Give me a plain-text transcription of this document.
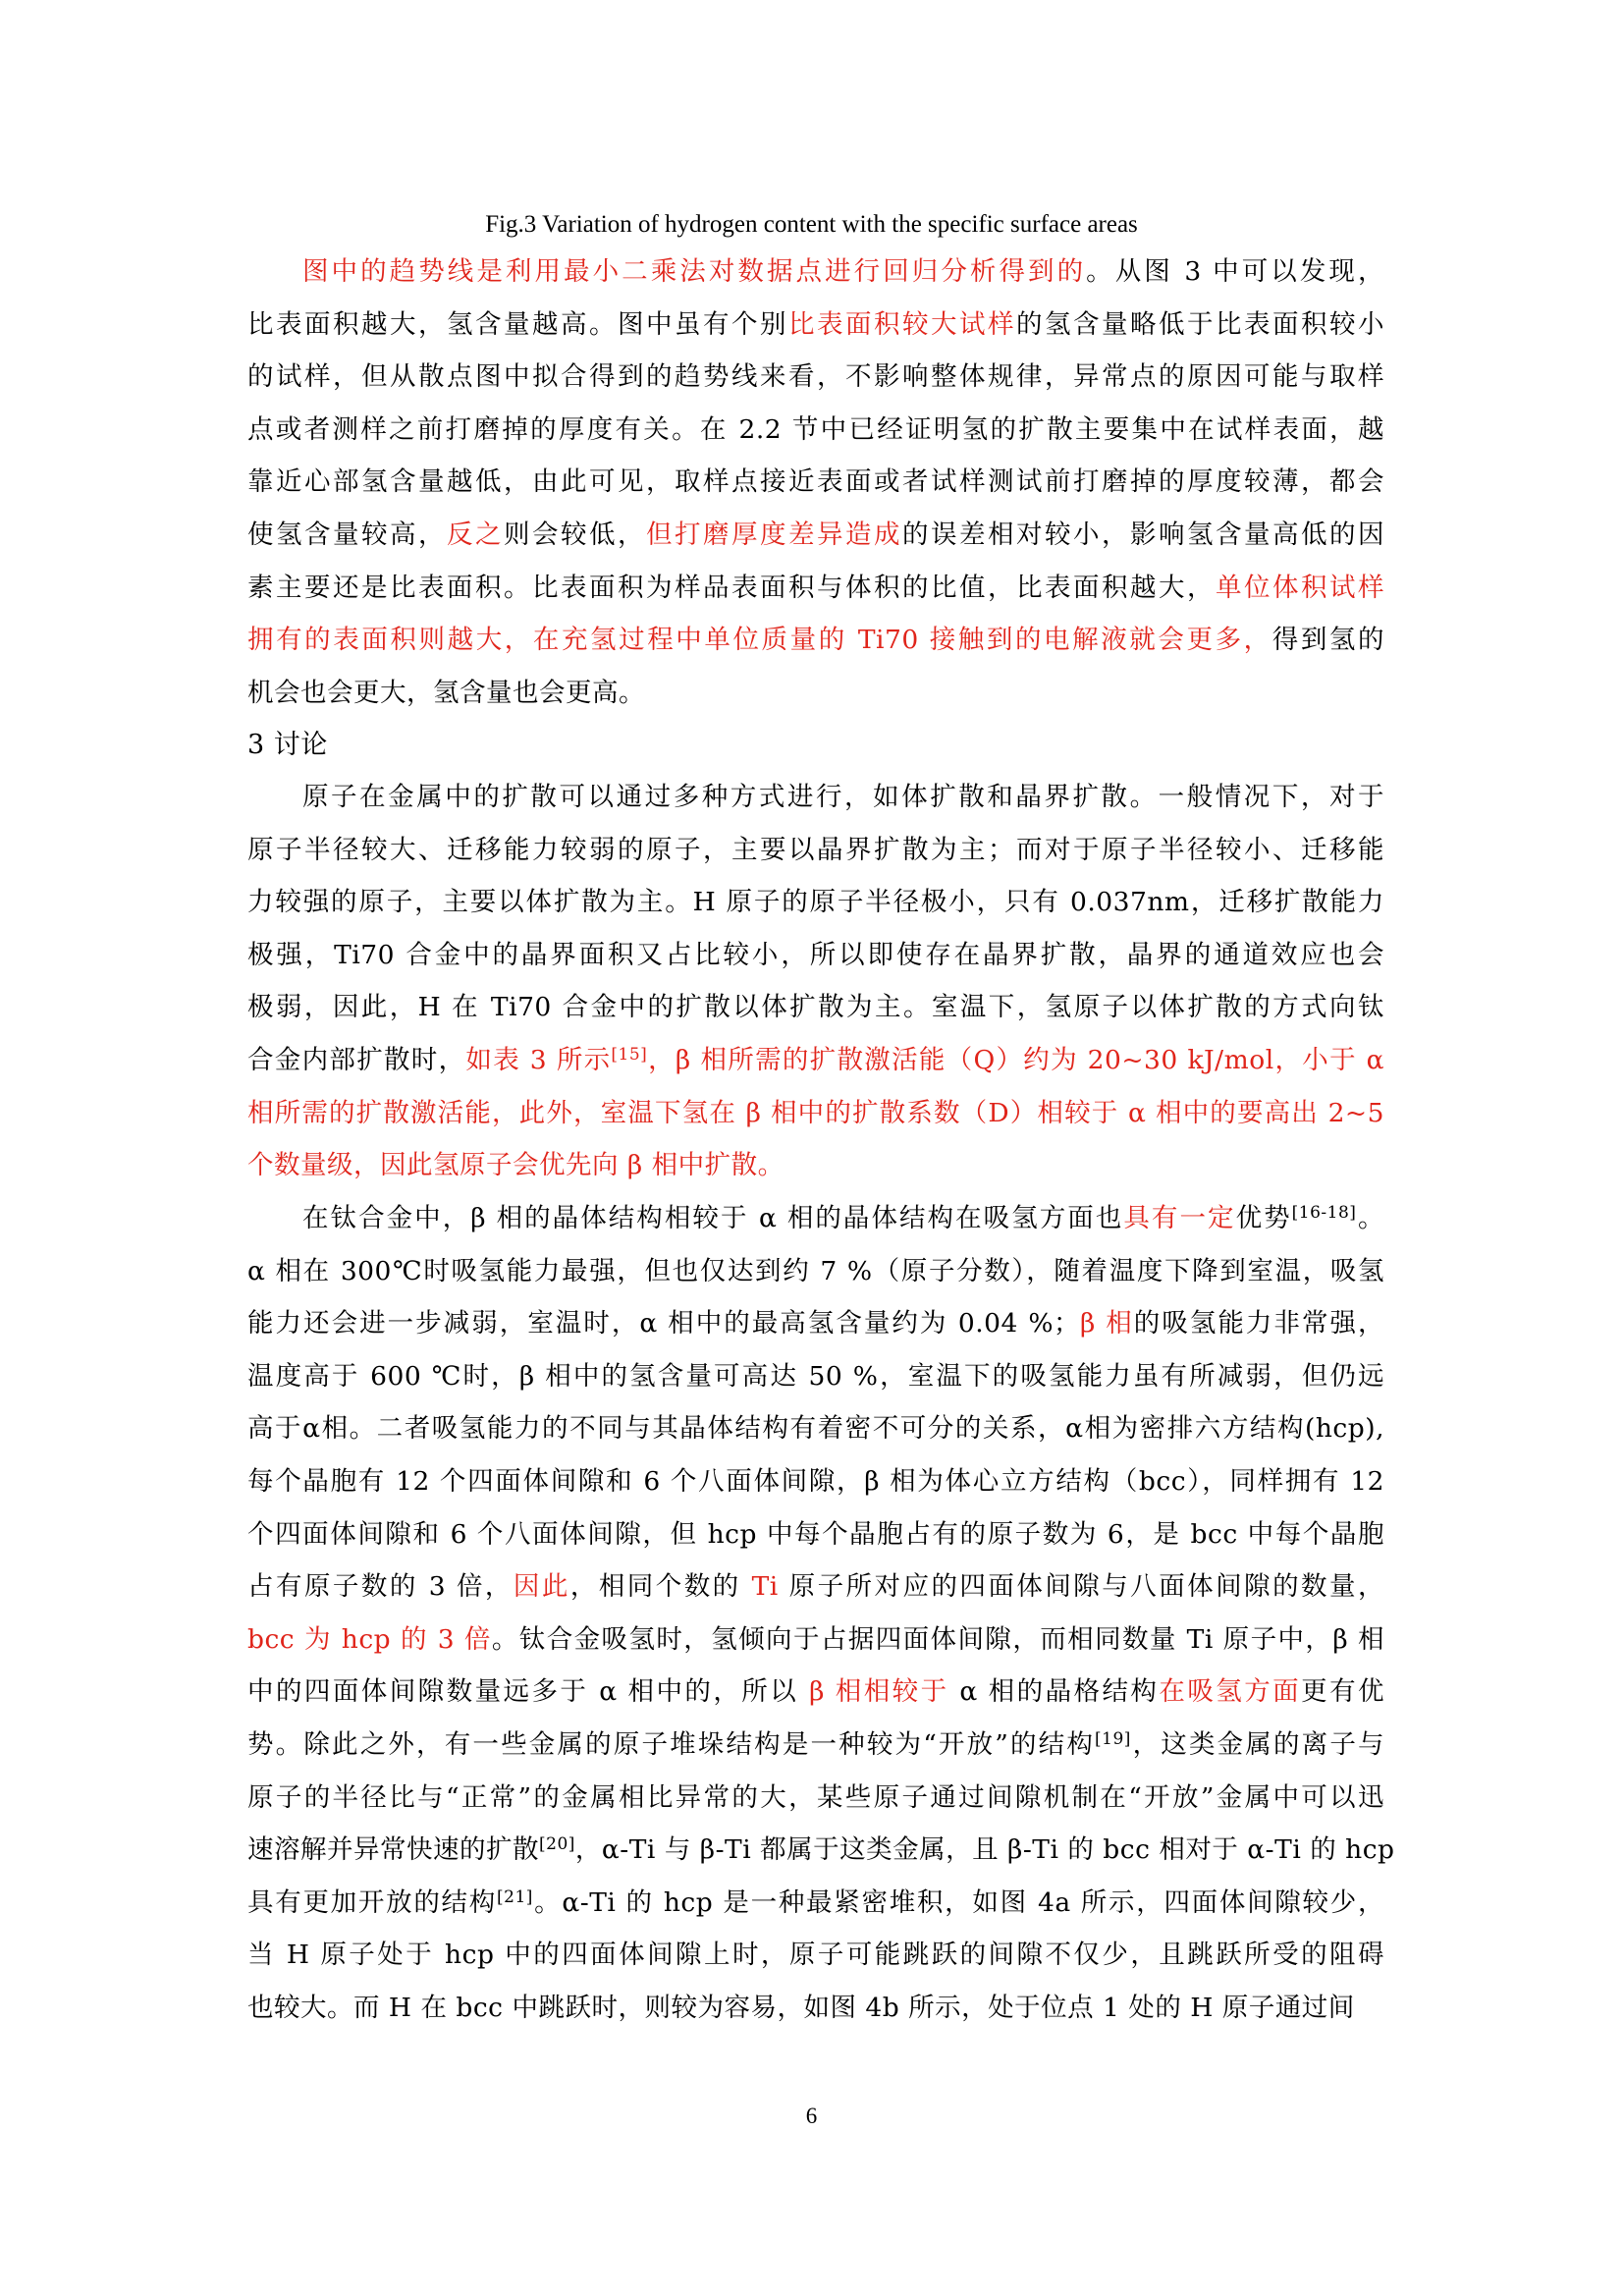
Fig.3 Variation of hydrogen content with the specific surface areas
图中的趋势线是利用最小二乘法对数据点进行回归分析得到的。从图 3 中可以发现，
比表面积越大，氢含量越高。图中虽有个别比表面积较大试样的氢含量略低于比表面积较小
的试样，但从散点图中拟合得到的趋势线来看，不影响整体规律，异常点的原因可能与取样
点或者测样之前打磨掉的厚度有关。在 2.2 节中已经证明氢的扩散主要集中在试样表面，越
靠近心部氢含量越低，由此可见，取样点接近表面或者试样测试前打磨掉的厚度较薄，都会
使氢含量较高，反之则会较低，但打磨厚度差异造成的误差相对较小，影响氢含量高低的因
素主要还是比表面积。比表面积为样品表面积与体积的比值，比表面积越大，单位体积试样
拥有的表面积则越大，在充氢过程中单位质量的 Ti70 接触到的电解液就会更多，得到氢的
机会也会更大，氢含量也会更高。
3 讨论
原子在金属中的扩散可以通过多种方式进行，如体扩散和晶界扩散。一般情况下，对于
原子半径较大、迁移能力较弱的原子，主要以晶界扩散为主；而对于原子半径较小、迁移能
力较强的原子，主要以体扩散为主。H 原子的原子半径极小，只有 0.037nm，迁移扩散能力
极强，Ti70 合金中的晶界面积又占比较小，所以即使存在晶界扩散，晶界的通道效应也会
极弱，因此，H 在 Ti70 合金中的扩散以体扩散为主。室温下，氢原子以体扩散的方式向钛
合金内部扩散时，如表 3 所示[15]，β 相所需的扩散激活能（Q）约为 20~30 kJ/mol，小于 α
相所需的扩散激活能，此外，室温下氢在 β 相中的扩散系数（D）相较于 α 相中的要高出 2~5
个数量级，因此氢原子会优先向 β 相中扩散。
在钛合金中，β 相的晶体结构相较于 α 相的晶体结构在吸氢方面也具有一定优势[16-18]。
α 相在 300℃时吸氢能力最强，但也仅达到约 7 %（原子分数），随着温度下降到室温，吸氢
能力还会进一步减弱，室温时，α 相中的最高氢含量约为 0.04 %；β 相的吸氢能力非常强，
温度高于 600 ℃时，β 相中的氢含量可高达 50 %，室温下的吸氢能力虽有所减弱，但仍远
高于α相。二者吸氢能力的不同与其晶体结构有着密不可分的关系，α相为密排六方结构(hcp),
每个晶胞有 12 个四面体间隙和 6 个八面体间隙，β 相为体心立方结构（bcc），同样拥有 12
个四面体间隙和 6 个八面体间隙，但 hcp 中每个晶胞占有的原子数为 6，是 bcc 中每个晶胞
占有原子数的 3 倍，因此，相同个数的 Ti 原子所对应的四面体间隙与八面体间隙的数量，
bcc 为 hcp 的 3 倍。钛合金吸氢时，氢倾向于占据四面体间隙，而相同数量 Ti 原子中，β 相
中的四面体间隙数量远多于 α 相中的，所以 β 相相较于 α 相的晶格结构在吸氢方面更有优
势。除此之外，有一些金属的原子堆垛结构是一种较为“开放”的结构[19]，这类金属的离子与
原子的半径比与“正常”的金属相比异常的大，某些原子通过间隙机制在“开放”金属中可以迅
速溶解并异常快速的扩散[20]，α-Ti 与 β-Ti 都属于这类金属，且 β-Ti 的 bcc 相对于 α-Ti 的 hcp
具有更加开放的结构[21]。α-Ti 的 hcp 是一种最紧密堆积，如图 4a 所示，四面体间隙较少，
当 H 原子处于 hcp 中的四面体间隙上时，原子可能跳跃的间隙不仅少，且跳跃所受的阻碍
也较大。而 H 在 bcc 中跳跃时，则较为容易，如图 4b 所示，处于位点 1 处的 H 原子通过间
6
